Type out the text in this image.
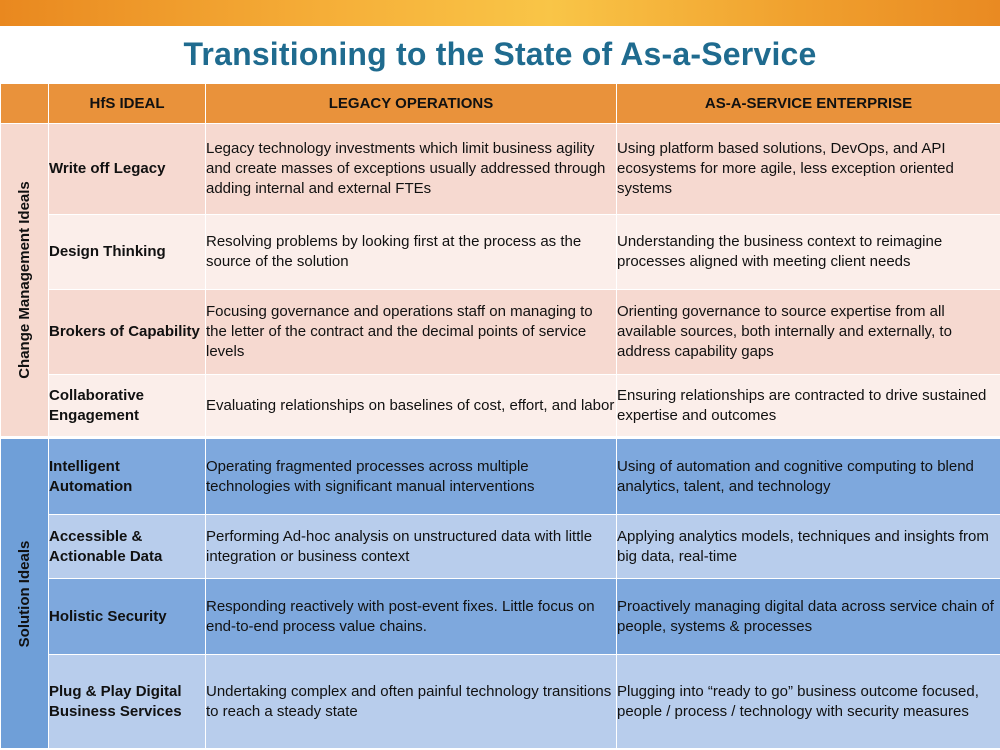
Transitioning to the State of As-a-Service
	HfS IDEAL	LEGACY OPERATIONS	AS-A-SERVICE ENTERPRISE

Change Management Ideals	Write off Legacy	Legacy technology investments which limit business agility and create masses of exceptions usually addressed through adding internal and external FTEs	Using platform based solutions, DevOps, and API ecosystems for more agile, less exception oriented systems
	Design Thinking	Resolving problems by looking first at the process as the source of the solution	Understanding the business context to reimagine processes aligned with meeting client needs
	Brokers of Capability	Focusing governance and operations staff on managing to the letter of the contract and the decimal points of service levels	Orienting governance to source expertise from all available sources, both internally and externally, to address capability gaps
	Collaborative Engagement	Evaluating relationships on baselines of cost, effort, and labor	Ensuring relationships are contracted to drive sustained expertise and outcomes

Solution Ideals	Intelligent Automation	Operating fragmented processes across multiple technologies with significant manual interventions	Using of automation and cognitive computing to blend analytics, talent, and technology
	Accessible & Actionable Data	Performing Ad-hoc analysis on unstructured data with little integration or business context	Applying analytics models, techniques and insights from big data, real-time
	Holistic Security	Responding reactively with post-event fixes. Little focus on end-to-end process value chains.	Proactively managing digital data across service chain of people, systems & processes
	Plug & Play Digital Business Services	Undertaking complex and often painful technology transitions to reach a steady state	Plugging into “ready to go” business outcome focused, people / process / technology with security measures
